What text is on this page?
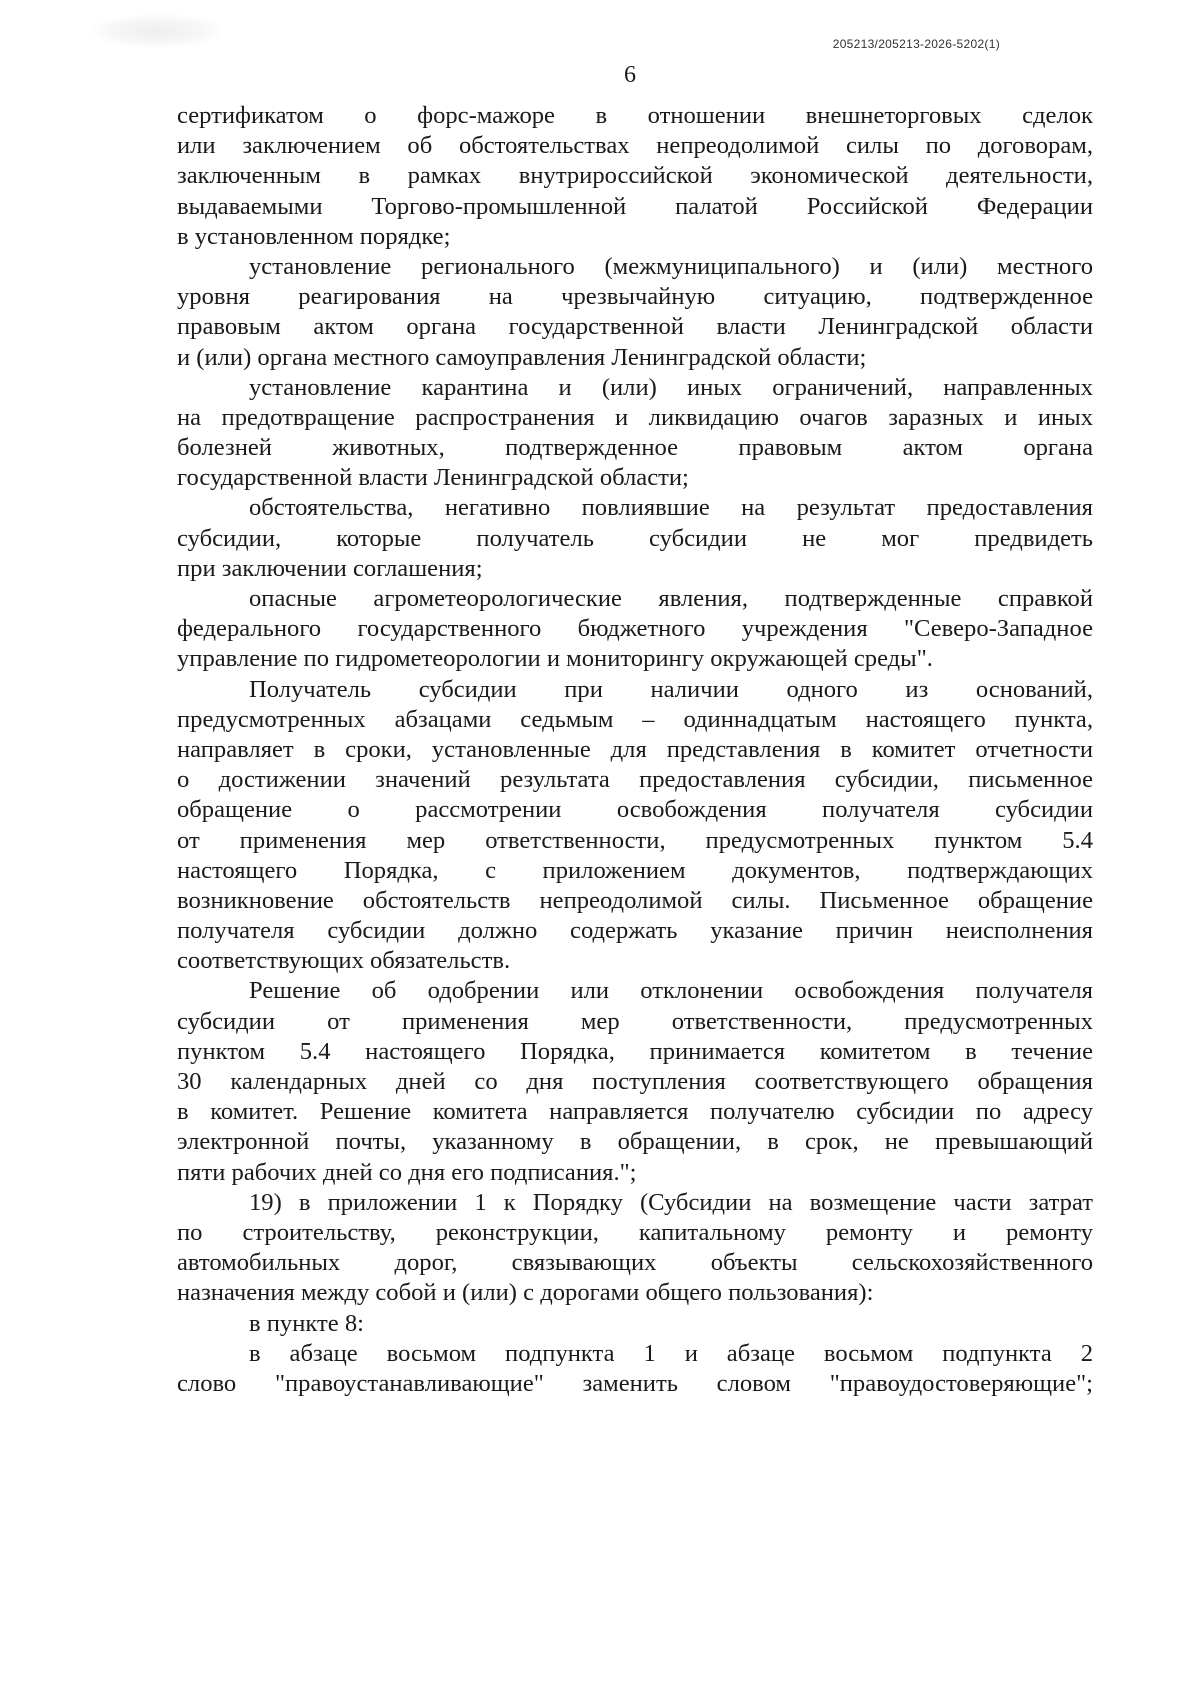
205213/205213-2026-5202(1)
6
сертификатом о форс-мажоре в отношении внешнеторговых сделок
или заключением об обстоятельствах непреодолимой силы по договорам,
заключенным в рамках внутрироссийской экономической деятельности,
выдаваемыми Торгово-промышленной палатой Российской Федерации
в установленном порядке;
установление регионального (межмуниципального) и (или) местного
уровня реагирования на чрезвычайную ситуацию, подтвержденное
правовым актом органа государственной власти Ленинградской области
и (или) органа местного самоуправления Ленинградской области;
установление карантина и (или) иных ограничений, направленных
на предотвращение распространения и ликвидацию очагов заразных и иных
болезней животных, подтвержденное правовым актом органа
государственной власти Ленинградской области;
обстоятельства, негативно повлиявшие на результат предоставления
субсидии, которые получатель субсидии не мог предвидеть
при заключении соглашения;
опасные агрометеорологические явления, подтвержденные справкой
федерального государственного бюджетного учреждения "Северо-Западное
управление по гидрометеорологии и мониторингу окружающей среды".
Получатель субсидии при наличии одного из оснований,
предусмотренных абзацами седьмым – одиннадцатым настоящего пункта,
направляет в сроки, установленные для представления в комитет отчетности
о достижении значений результата предоставления субсидии, письменное
обращение о рассмотрении освобождения получателя субсидии
от применения мер ответственности, предусмотренных пунктом 5.4
настоящего Порядка, с приложением документов, подтверждающих
возникновение обстоятельств непреодолимой силы. Письменное обращение
получателя субсидии должно содержать указание причин неисполнения
соответствующих обязательств.
Решение об одобрении или отклонении освобождения получателя
субсидии от применения мер ответственности, предусмотренных
пунктом 5.4 настоящего Порядка, принимается комитетом в течение
30 календарных дней со дня поступления соответствующего обращения
в комитет. Решение комитета направляется получателю субсидии по адресу
электронной почты, указанному в обращении, в срок, не превышающий
пяти рабочих дней со дня его подписания.";
19) в приложении 1 к Порядку (Субсидии на возмещение части затрат
по строительству, реконструкции, капитальному ремонту и ремонту
автомобильных дорог, связывающих объекты сельскохозяйственного
назначения между собой и (или) с дорогами общего пользования):
в пункте 8:
в абзаце восьмом подпункта 1 и абзаце восьмом подпункта 2
слово "правоустанавливающие" заменить словом "правоудостоверяющие";
